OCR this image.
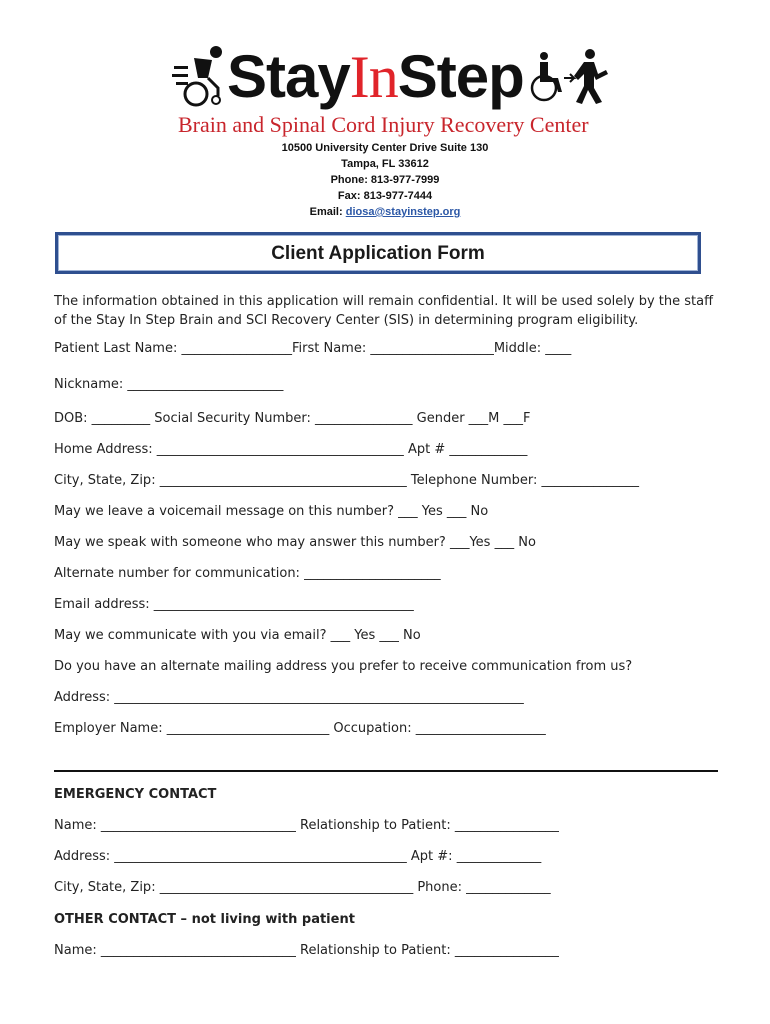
StayInStep
Brain and Spinal Cord Injury Recovery Center
10500 University Center Drive Suite 130
Tampa, FL 33612
Phone: 813-977-7999
Fax: 813-977-7444
Email: diosa@stayinstep.org
Client Application Form
The information obtained in this application will remain confidential. It will be used solely by the staff of the Stay In Step Brain and SCI Recovery Center (SIS) in determining program eligibility.
Patient Last Name: _________________First Name: ___________________Middle: ____
Nickname: ________________________
DOB: _________ Social Security Number: _______________ Gender ___M ___F
Home Address: ______________________________________ Apt # ____________
City, State, Zip: ______________________________________ Telephone Number: _______________
May we leave a voicemail message on this number? ___ Yes ___ No
May we speak with someone who may answer this number? ___Yes ___ No
Alternate number for communication: _____________________
Email address: ________________________________________
May we communicate with you via email? ___ Yes ___ No
Do you have an alternate mailing address you prefer to receive communication from us?
Address: _______________________________________________________________
Employer Name: _________________________ Occupation: ____________________
EMERGENCY CONTACT
Name: ______________________________ Relationship to Patient: ________________
Address: _____________________________________________ Apt #: _____________
City, State, Zip: _______________________________________ Phone: _____________
OTHER CONTACT – not living with patient
Name: ______________________________ Relationship to Patient: ________________
